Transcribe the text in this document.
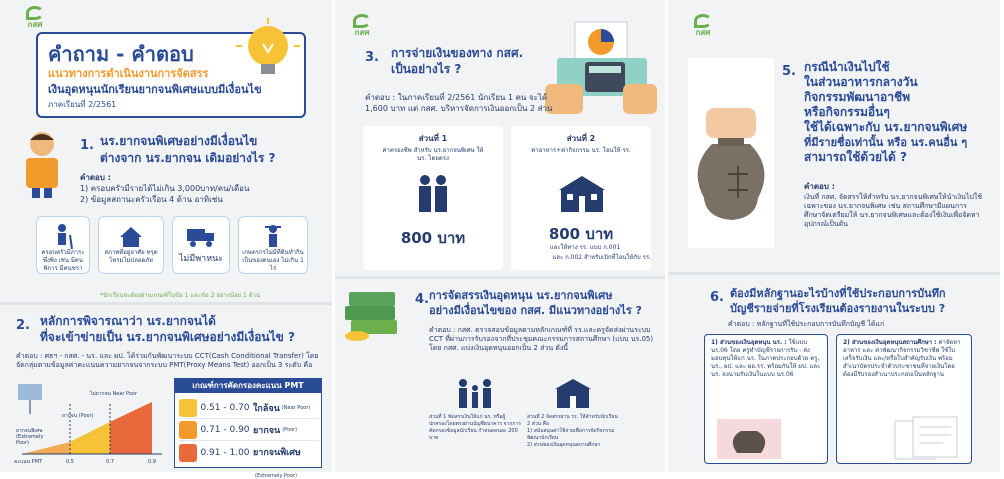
กสศ
คำถาม - คำตอบ
แนวทางการดำเนินงานการจัดสรร
เงินอุดหนุนนักเรียนยากจนพิเศษแบบมีเงื่อนไข
ภาคเรียนที่ 2/2561
1. นร.ยากจนพิเศษอย่างมีเงื่อนไข
ต่างจาก นร.ยากจน เดิมอย่างไร ?
คำตอบ :
1) ครอบครัวมีรายได้ไม่เกิน 3,000บาท/คน/เดือน
2) ข้อมูลสถานะครัวเรือน 4 ด้าน อาทิเช่น
ครอบครัวมีภาระพึ่งพิง เช่น มีคนพิการ มีคนชรา
สภาพที่อยู่อาศัย ทรุดโทรมไม่ปลอดภัย	ไม่มีพาหนะ
เกษตรกรไม่มีที่ดินทำกินเป็นของตนเอง ไม่เกิน 1 ไร่
*นักเรียนจะต้องผ่านเกณฑ์ในข้อ 1 และข้อ 2 อย่างน้อย 1 ด้าน
2. หลักการพิจารณาว่า นร.ยากจนได้
ที่จะเข้าข่ายเป็น นร.ยากจนพิเศษอย่างมีเงื่อนไข ?
คำตอบ : ศธฯ - กสศ. - นร. และ ผป. ได้ร่วมกันพัฒนาระบบ CCT(Cash Conditional Transfer) โดยจัดกลุ่มตามข้อมูลค่าคะแนนความยากจนจากระบบ PMT(Proxy Means Test) ออกเป็น 3 ระดับ คือ
ไม่ยากจน Near Poor
ยากจน (Poor)
ยากจนพิเศษ (Extremely Poor)
คะแนน PMT	0.5	0.7	0.9
เกณฑ์การคัดกรองคะแนน PMT
0.51 - 0.70 ใกล้จน (Near Poor)
0.71 - 0.90 ยากจน (Poor)
0.91 - 1.00 ยากจนพิเศษ
(Extremely Poor)
กสศ
3. การจ่ายเงินของทาง กสศ.
เป็นอย่างไร ?
คำตอบ : ในภาคเรียนที่ 2/2561 นักเรียน 1 คน จะได้ 1,600 บาท แต่ กสศ. บริหารจัดการเงินออกเป็น 2 ส่วน
ส่วนที่ 1
ค่าครองชีพ สำหรับ นร.ยากจนพิเศษ ให้ นร. โดยตรง
800 บาท
ส่วนที่ 2
ค่าอาหาร+ค่ากิจกรรม นร. โอนให้ รร.
800 บาท
และให้ทาง รร. แบบ ก.001
และ ก.002 สำหรับเบิกที่โอนให้กับ รร.
4. การจัดสรรเงินอุดหนุน นร.ยากจนพิเศษ
อย่างมีเงื่อนไขของ กสศ. มีแนวทางอย่างไร ?
คำตอบ : กสศ. ตรวจสอบข้อมูลตามหลักเกณฑ์ที่ รร.และครูจัดส่งผ่านระบบ CCT ที่ผ่านการรับรองจากที่ประชุมคณะกรรมการสถานศึกษา (แบบ นร.05) โดย กสศ. แบ่งเงินอุดหนุนออกเป็น 2 ส่วน ดังนี้
ส่วนที่ 1 ขัดสรรเงินให้แก่ นร. หรือผู้ปกครองโดยตรงผ่านบัญชีธนาคาร จากการคัดกรองข้อมูลนักเรียน กำหนดคนละ 200 บาท
ส่วนที่ 2 จัดสรรผ่าน รร. ให้สำหรับนักเรียน 2 ส่วน คือ
1) สนับสนุนค่าใช้จ่ายเพื่อการจัดกิจกรรมพัฒนานักเรียน
2) ส่วนของเงินอุดหนุนสถานศึกษา
กสศ
5. กรณีนำเงินไปใช้
ในส่วนอาหารกลางวัน
กิจกรรมพัฒนาอาชีพ
หรือกิจกรรมอื่นๆ
ใช้ได้เฉพาะกับ นร.ยากจนพิเศษ
ที่มีรายชื่อเท่านั้น หรือ นร.คนอื่น ๆ
สามารถใช้ด้วยได้ ?
คำตอบ :
เงินที่ กสศ. จัดสรรให้สำหรับ นร.ยากจนพิเศษให้นำเงินไปใช้เฉพาะของ นร.ยากจนพิเศษ เช่น สถานศึกษามีแผนการศึกษาจัดเตรียมให้ นร.ยากจนพิเศษและต้องใช้เงินเพื่อจัดหาอุปกรณ์เป็นต้น
6. ต้องมีหลักฐานอะไรบ้างที่ใช้ประกอบการบันทึก
บัญชีรายจ่ายที่โรงเรียนต้องรายงานในระบบ ?
คำตอบ : หลักฐานที่ใช้ประกอบการบันทึกบัญชี ได้แก่
1) ส่วนของเงินอุดหนุน นร. : ใช้แบบ นร.06 โดย ครูทำบัญชีรายการรับ - ส่งมอบทุนให้แก่ นร. ในภาคประกอบด้วย ครู, นร., ผป. และ ผอ.รร. พร้อมกันให้ ผป. และ นร. ลงนามรับเงินในแบบ นร.06
2) ส่วนของเงินอุดหนุนสถานศึกษา : ค่าจัดหาอาหาร และ ค่าพัฒนากิจกรรมวิชาชีพ ใช้ใบเสร็จรับเงิน และ/หรือใบสำคัญรับเงิน พร้อมสำเนาบัตรประจำตัวประชาชนที่จ่ายเงินโดยต้องมีรับรองสำเนาประกอบเป็นหลักฐาน
